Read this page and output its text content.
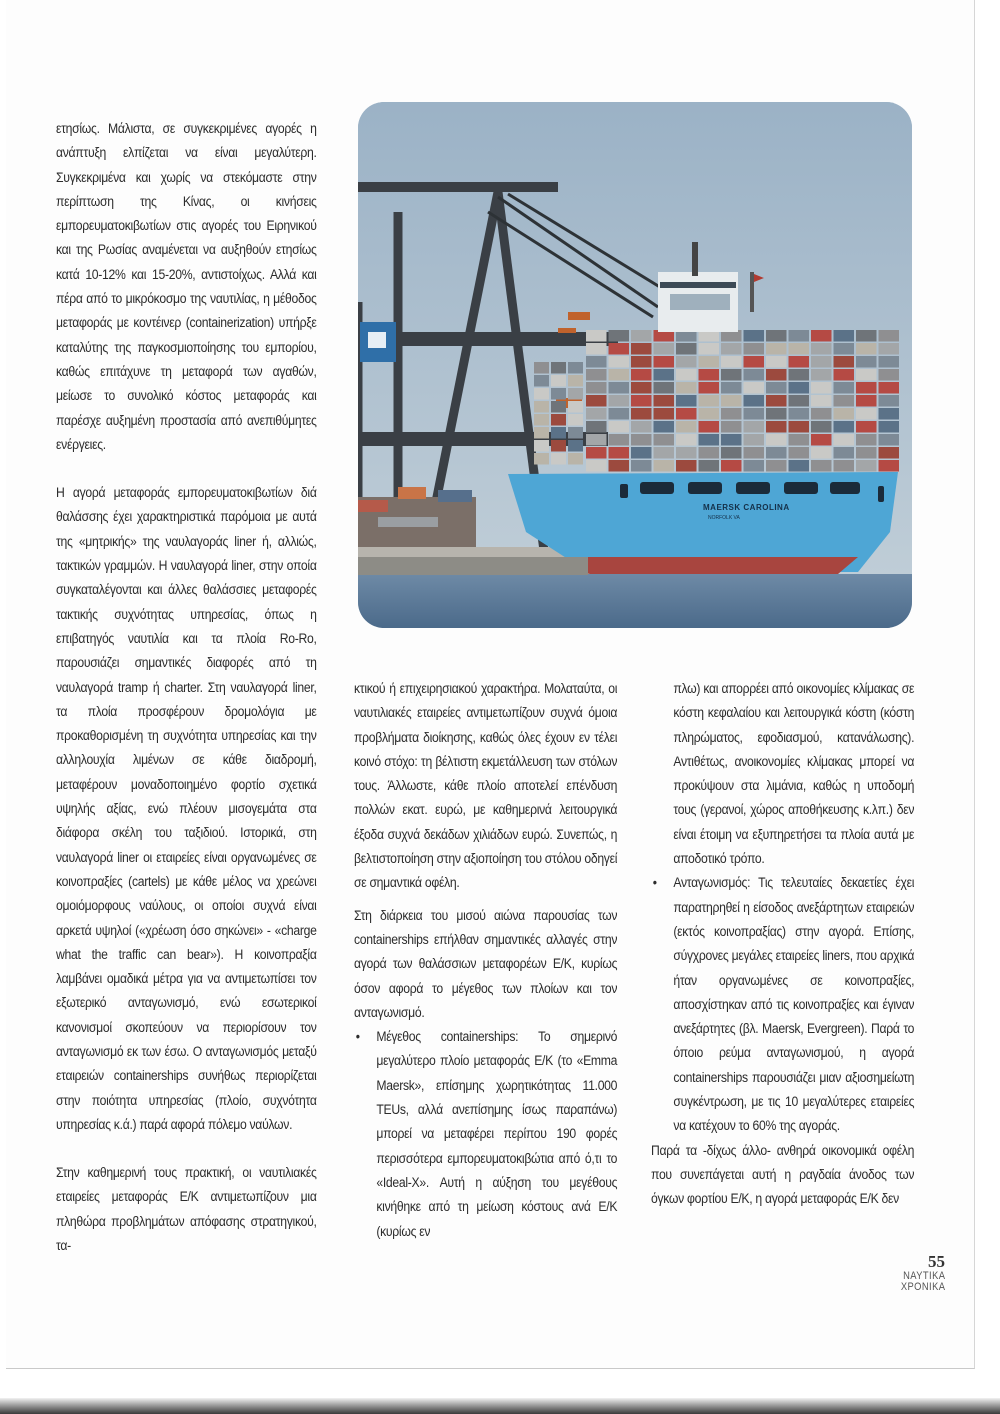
ετησίως. Μάλιστα, σε συγκεκριμένες αγορές η ανάπτυξη ελπίζεται να είναι μεγαλύτερη. Συγκεκριμένα και χωρίς να στεκόμαστε στην περίπτωση της Κίνας, οι κινήσεις εμπορευματοκιβωτίων στις αγορές του Ειρηνικού και της Ρωσίας αναμένεται να αυξηθούν ετησίως κατά 10-12% και 15-20%, αντιστοίχως. Αλλά και πέρα από το μικρόκοσμο της ναυτιλίας, η μέθοδος μεταφοράς με κοντέινερ (containerization) υπήρξε καταλύτης της παγκοσμιοποίησης του εμπορίου, καθώς επιτάχυνε τη μεταφορά των αγαθών, μείωσε το συνολικό κόστος μεταφοράς και παρέσχε αυξημένη προστασία από ανεπιθύμητες ενέργειες.

Η αγορά μεταφοράς εμπορευματοκιβωτίων διά θαλάσσης έχει χαρακτηριστικά παρόμοια με αυτά της «μητρικής» της ναυλαγοράς liner ή, αλλιώς, τακτικών γραμμών. Η ναυλαγορά liner, στην οποία συγκαταλέγονται και άλλες θαλάσσιες μεταφορές τακτικής συχνότητας υπηρεσίας, όπως η επιβατηγός ναυτιλία και τα πλοία Ro-Ro, παρουσιάζει σημαντικές διαφορές από τη ναυλαγορά tramp ή charter. Στη ναυλαγορά liner, τα πλοία προσφέρουν δρομολόγια με προκαθορισμένη τη συχνότητα υπηρεσίας και την αλληλουχία λιμένων σε κάθε διαδρομή, μεταφέρουν μοναδοποιημένο φορτίο σχετικά υψηλής αξίας, ενώ πλέουν μισογεμάτα στα διάφορα σκέλη του ταξιδιού. Ιστορικά, στη ναυλαγορά liner οι εταιρείες είναι οργανωμένες σε κοινοπραξίες (cartels) με κάθε μέλος να χρεώνει ομοιόμορφους ναύλους, οι οποίοι συχνά είναι αρκετά υψηλοί («χρέωση όσο σηκώνει» - «charge what the traffic can bear»). Η κοινοπραξία λαμβάνει ομαδικά μέτρα για να αντιμετωπίσει τον εξωτερικό ανταγωνισμό, ενώ εσωτερικοί κανονισμοί σκοπεύουν να περιορίσουν τον ανταγωνισμό εκ των έσω. Ο ανταγωνισμός μεταξύ εταιρειών containerships συνήθως περιορίζεται στην ποιότητα υπηρεσίας (πλοίο, συχνότητα υπηρεσίας κ.ά.) παρά αφορά πόλεμο ναύλων.

Στην καθημερινή τους πρακτική, οι ναυτιλιακές εταιρείες μεταφοράς Ε/Κ αντιμετωπίζουν μια πληθώρα προβλημάτων απόφασης στρατηγικού, τα-

MAERSK CAROLINA
NORFOLK VA

κτικού ή επιχειρησιακού χαρακτήρα. Μολαταύτα, οι ναυτιλιακές εταιρείες αντιμετωπίζουν συχνά όμοια προβλήματα διοίκησης, καθώς όλες έχουν εν τέλει κοινό στόχο: τη βέλτιστη εκμετάλλευση των στόλων τους. Άλλωστε, κάθε πλοίο αποτελεί επένδυση πολλών εκατ. ευρώ, με καθημερινά λειτουργικά έξοδα συχνά δεκάδων χιλιάδων ευρώ. Συνεπώς, η βελτιστοποίηση στην αξιοποίηση του στόλου οδηγεί σε σημαντικά οφέλη.

Στη διάρκεια του μισού αιώνα παρουσίας των containerships επήλθαν σημαντικές αλλαγές στην αγορά των θαλάσσιων μεταφορέων Ε/Κ, κυρίως όσον αφορά το μέγεθος των πλοίων και τον ανταγωνισμό.

• Μέγεθος containerships: Το σημερινό μεγαλύτερο πλοίο μεταφοράς Ε/Κ (το «Emma Maersk», επίσημης χωρητικότητας 11.000 TEUs, αλλά ανεπίσημης ίσως παραπάνω) μπορεί να μεταφέρει περίπου 190 φορές περισσότερα εμπορευματοκιβώτια από ό,τι το «Ideal-X». Αυτή η αύξηση του μεγέθους κινήθηκε από τη μείωση κόστους ανά Ε/Κ (κυρίως εν

πλω) και απορρέει από οικονομίες κλίμακας σε κόστη κεφαλαίου και λειτουργικά κόστη (κόστη πληρώματος, εφοδιασμού, κατανάλωσης). Αντιθέτως, ανοικονομίες κλίμακας μπορεί να προκύψουν στα λιμάνια, καθώς η υποδομή τους (γερανοί, χώρος αποθήκευσης κ.λπ.) δεν είναι έτοιμη να εξυπηρετήσει τα πλοία αυτά με αποδοτικό τρόπο.

• Ανταγωνισμός: Τις τελευταίες δεκαετίες έχει παρατηρηθεί η είσοδος ανεξάρτητων εταιρειών (εκτός κοινοπραξίας) στην αγορά. Επίσης, σύγχρονες μεγάλες εταιρείες liners, που αρχικά ήταν οργανωμένες σε κοινοπραξίες, αποσχίστηκαν από τις κοινοπραξίες και έγιναν ανεξάρτητες (βλ. Maersk, Evergreen). Παρά το όποιο ρεύμα ανταγωνισμού, η αγορά containerships παρουσιάζει μιαν αξιοσημείωτη συγκέντρωση, με τις 10 μεγαλύτερες εταιρείες να κατέχουν το 60% της αγοράς.

Παρά τα -δίχως άλλο- ανθηρά οικονομικά οφέλη που συνεπάγεται αυτή η ραγδαία άνοδος των όγκων φορτίου Ε/Κ, η αγορά μεταφοράς Ε/Κ δεν

55
ΝΑΥΤΙΚΑ
ΧΡΟΝΙΚΑ
